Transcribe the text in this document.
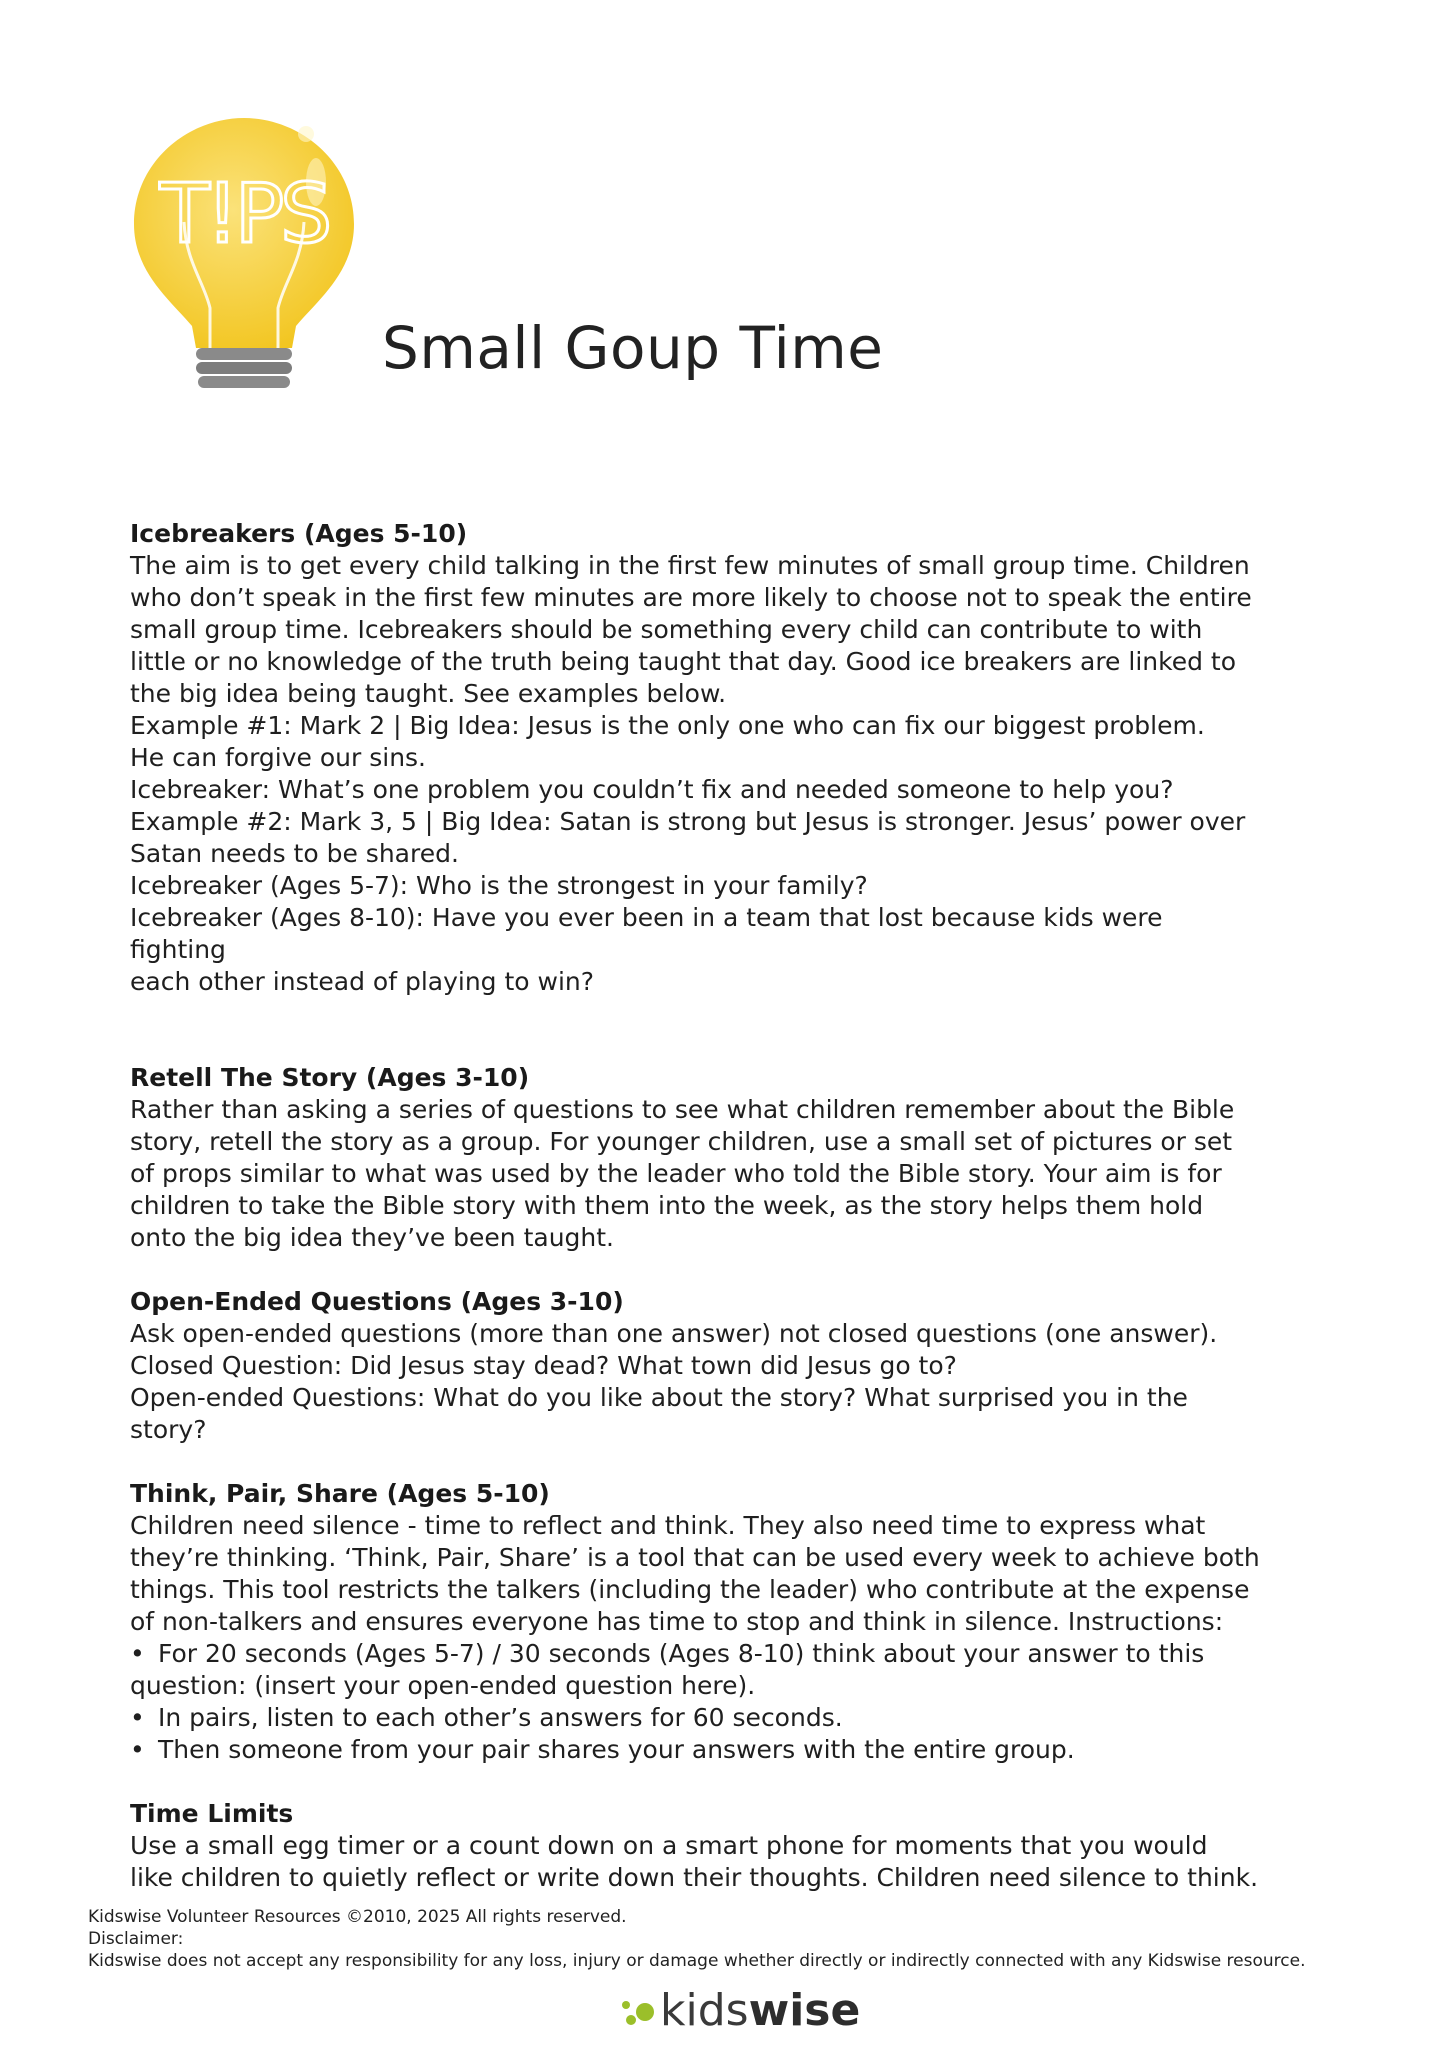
T!PS
Small Goup Time
Icebreakers (Ages 5-10)

The aim is to get every child talking in the first few minutes of small group time. Children

who don’t speak in the first few minutes are more likely to choose not to speak the entire

small group time. Icebreakers should be something every child can contribute to with

little or no knowledge of the truth being taught that day. Good ice breakers are linked to

the big idea being taught. See examples below.

Example #1: Mark 2 | Big Idea: Jesus is the only one who can fix our biggest problem.

He can forgive our sins.

Icebreaker: What’s one problem you couldn’t fix and needed someone to help you?

Example #2: Mark 3, 5 | Big Idea: Satan is strong but Jesus is stronger. Jesus’ power over

Satan needs to be shared.

Icebreaker (Ages 5-7): Who is the strongest in your family?

Icebreaker (Ages 8-10): Have you ever been in a team that lost because kids were fighting

each other instead of playing to win?

Retell The Story (Ages 3-10)

Rather than asking a series of questions to see what children remember about the Bible

story, retell the story as a group. For younger children, use a small set of pictures or set

of props similar to what was used by the leader who told the Bible story. Your aim is for

children to take the Bible story with them into the week, as the story helps them hold

onto the big idea they’ve been taught.

Open-Ended Questions (Ages 3-10)

Ask open-ended questions (more than one answer) not closed questions (one answer).

Closed Question: Did Jesus stay dead? What town did Jesus go to?

Open-ended Questions: What do you like about the story? What surprised you in the

story?

Think, Pair, Share (Ages 5-10)

Children need silence - time to reflect and think. They also need time to express what

they’re thinking. ‘Think, Pair, Share’ is a tool that can be used every week to achieve both

things. This tool restricts the talkers (including the leader) who contribute at the expense

of non-talkers and ensures everyone has time to stop and think in silence. Instructions:

• For 20 seconds (Ages 5-7) / 30 seconds (Ages 8-10) think about your answer to this

question: (insert your open-ended question here).

• In pairs, listen to each other’s answers for 60 seconds.

• Then someone from your pair shares your answers with the entire group.

Time Limits

Use a small egg timer or a count down on a smart phone for moments that you would

like children to quietly reflect or write down their thoughts. Children need silence to think.

Kidswise Volunteer Resources ©2010, 2025 All rights reserved.

Disclaimer:

Kidswise does not accept any responsibility for any loss, injury or damage whether directly or indirectly connected with any Kidswise resource.

kidswise
